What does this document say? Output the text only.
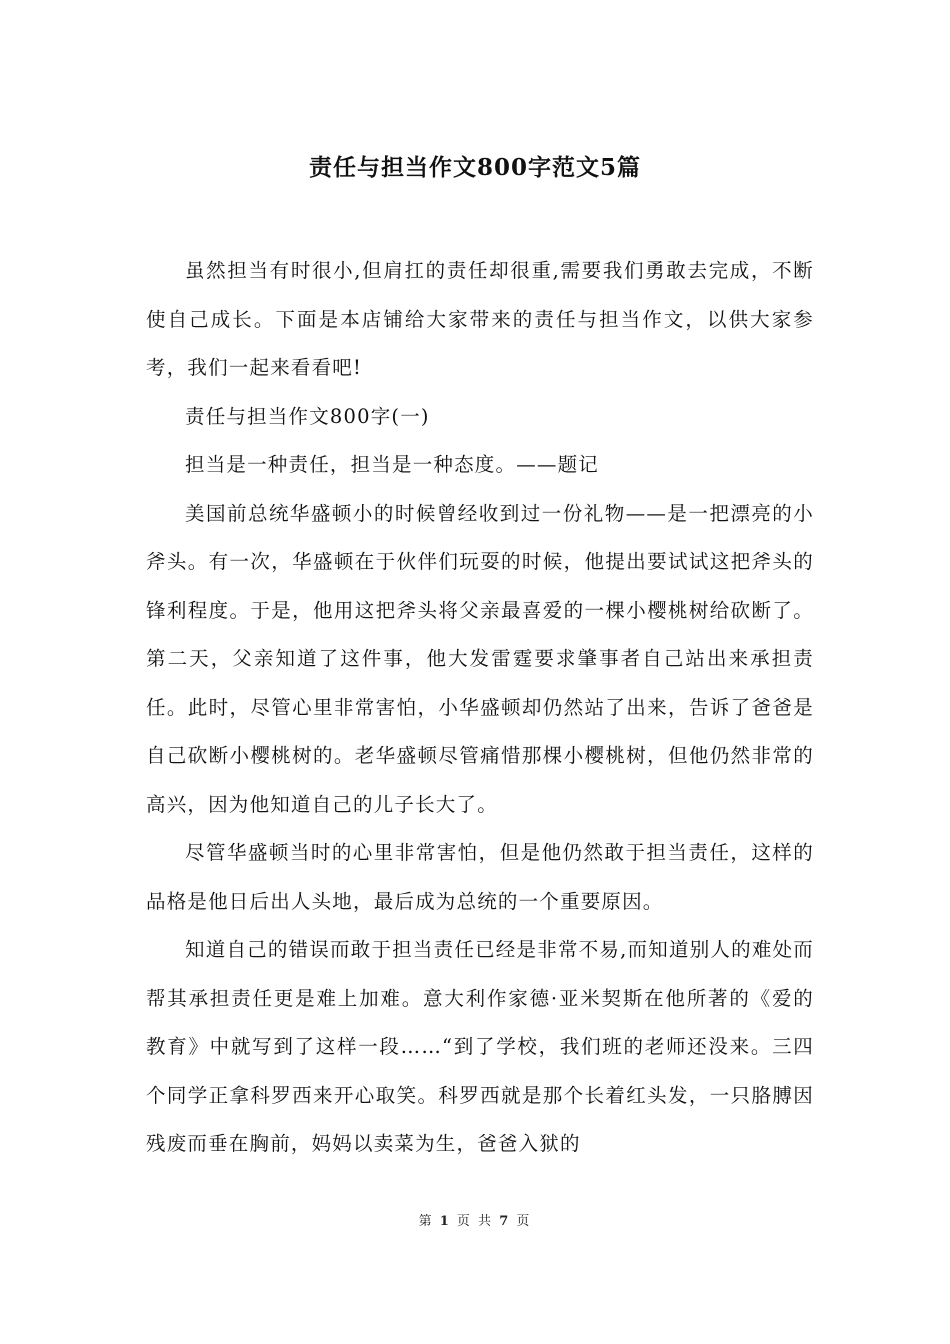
责任与担当作文800字范文5篇

虽然担当有时很小,但肩扛的责任却很重,需要我们勇敢去完成，不断使自己成长。下面是本店铺给大家带来的责任与担当作文，以供大家参考，我们一起来看看吧!

责任与担当作文800字(一)

担当是一种责任，担当是一种态度。——题记

美国前总统华盛顿小的时候曾经收到过一份礼物——是一把漂亮的小斧头。有一次，华盛顿在于伙伴们玩耍的时候，他提出要试试这把斧头的锋利程度。于是，他用这把斧头将父亲最喜爱的一棵小樱桃树给砍断了。第二天，父亲知道了这件事，他大发雷霆要求肇事者自己站出来承担责任。此时，尽管心里非常害怕，小华盛顿却仍然站了出来，告诉了爸爸是自己砍断小樱桃树的。老华盛顿尽管痛惜那棵小樱桃树，但他仍然非常的高兴，因为他知道自己的儿子长大了。

尽管华盛顿当时的心里非常害怕，但是他仍然敢于担当责任，这样的品格是他日后出人头地，最后成为总统的一个重要原因。

知道自己的错误而敢于担当责任已经是非常不易,而知道别人的难处而帮其承担责任更是难上加难。意大利作家德·亚米契斯在他所著的《爱的教育》中就写到了这样一段……“到了学校，我们班的老师还没来。三四个同学正拿科罗西来开心取笑。科罗西就是那个长着红头发，一只胳膊因残废而垂在胸前，妈妈以卖菜为生，爸爸入狱的

第 1 页 共 7 页
